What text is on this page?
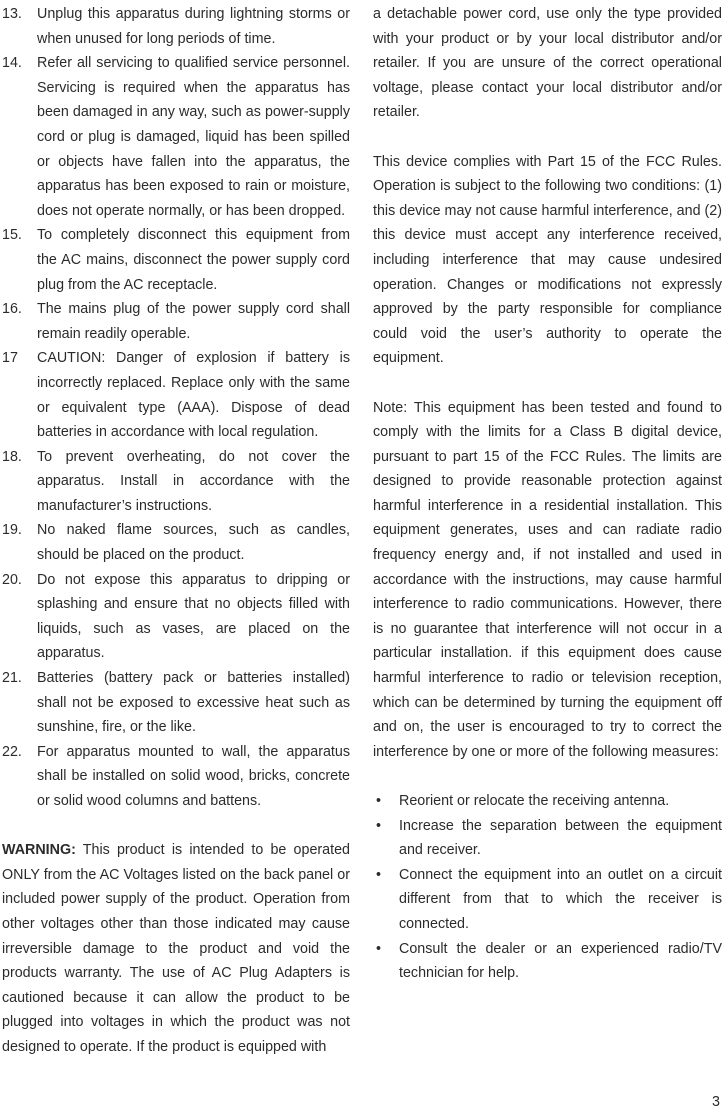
13.	Unplug this apparatus during lightning storms or when unused for long periods of time.
14.	Refer all servicing to qualified service personnel. Servicing is required when the apparatus has been damaged in any way, such as power-supply cord or plug is damaged, liquid has been spilled or objects have fallen into the apparatus, the apparatus has been exposed to rain or moisture, does not operate normally, or has been dropped.
15.	To completely disconnect this equipment from the AC mains, disconnect the power supply cord plug from the AC receptacle.
16.	The mains plug of the power supply cord shall remain readily operable.
17	CAUTION: Danger of explosion if battery is incorrectly replaced. Replace only with the same or equivalent type (AAA). Dispose of dead batteries in accordance with local regulation.
18.	To prevent overheating, do not cover the apparatus. Install in accordance with the manufacturer’s instructions.
19.	No naked flame sources, such as candles, should be placed on the product.
20.	Do not expose this apparatus to dripping or splashing and ensure that no objects filled with liquids, such as vases, are placed on the apparatus.
21.	Batteries (battery pack or batteries installed) shall not be exposed to excessive heat such as sunshine, fire, or the like.
22.	For apparatus mounted to wall, the apparatus shall be installed on solid wood, bricks, concrete or solid wood columns and battens.

WARNING: This product is intended to be operated ONLY from the AC Voltages listed on the back panel or included power supply of the product. Operation from other voltages other than those indicated may cause irreversible damage to the product and void the products warranty. The use of AC Plug Adapters is cautioned because it can allow the product to be plugged into voltages in which the product was not designed to operate. If the product is equipped with

a detachable power cord, use only the type provided with your product or by your local distributor and/or retailer. If you are unsure of the correct operational voltage, please contact your local distributor and/or retailer.

This device complies with Part 15 of the FCC Rules. Operation is subject to the following two conditions: (1) this device may not cause harmful interference, and (2) this device must accept any interference received, including interference that may cause undesired operation. Changes or modifications not expressly approved by the party responsible for compliance could void the user’s authority to operate the equipment.

Note: This equipment has been tested and found to comply with the limits for a Class B digital device, pursuant to part 15 of the FCC Rules. The limits are designed to provide reasonable protection against harmful interference in a residential installation. This equipment generates, uses and can radiate radio frequency energy and, if not installed and used in accordance with the instructions, may cause harmful interference to radio communications. However, there is no guarantee that interference will not occur in a particular installation. if this equipment does cause harmful interference to radio or television reception, which can be determined by turning the equipment off and on, the user is encouraged to try to correct the interference by one or more of the following measures:

•	Reorient or relocate the receiving antenna.
•	Increase the separation between the equipment and receiver.
•	Connect the equipment into an outlet on a circuit different from that to which the receiver is connected.
•	Consult the dealer or an experienced radio/TV technician for help.
3
